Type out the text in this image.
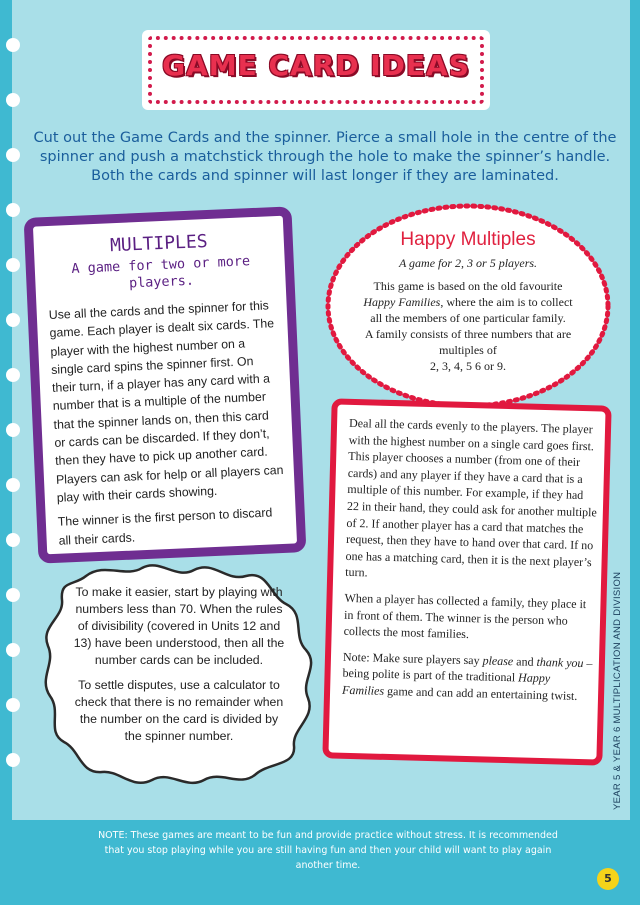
GAME CARD IDEAS
Cut out the Game Cards and the spinner. Pierce a small hole in the centre of the spinner and push a matchstick through the hole to make the spinner’s handle. Both the cards and spinner will last longer if they are laminated.
MULTIPLES
A game for two or more players.

Use all the cards and the spinner for this game. Each player is dealt six cards. The player with the highest number on a single card spins the spinner first. On their turn, if a player has any card with a number that is a multiple of the number that the spinner lands on, then this card or cards can be discarded. If they don’t, then they have to pick up another card. Players can ask for help or all players can play with their cards showing.

The winner is the first person to discard all their cards.

Happy Multiples
A game for 2, 3 or 5 players.
This game is based on the old favourite Happy Families, where the aim is to collect all the members of one particular family.
A family consists of three numbers that are multiples of
2, 3, 4, 5 6 or 9.

To make it easier, start by playing with numbers less than 70. When the rules of divisibility (covered in Units 12 and 13) have been understood, then all the number cards can be included.

To settle disputes, use a calculator to check that there is no remainder when the number on the card is divided by the spinner number.

Deal all the cards evenly to the players. The player with the highest number on a single card goes first. This player chooses a number (from one of their cards) and any player if they have a card that is a multiple of this number. For example, if they had 22 in their hand, they could ask for another multiple of 2. If another player has a card that matches the request, then they have to hand over that card. If no one has a matching card, then it is the next player’s turn.

When a player has collected a family, they place it in front of them. The winner is the person who collects the most families.

Note: Make sure players say please and thank you – being polite is part of the traditional Happy Families game and can add an entertaining twist.	YEAR 5 & YEAR 6 MULTIPLICATION AND DIVISION
NOTE: These games are meant to be fun and provide practice without stress. It is recommended that you stop playing while you are still having fun and then your child will want to play again another time.
5
